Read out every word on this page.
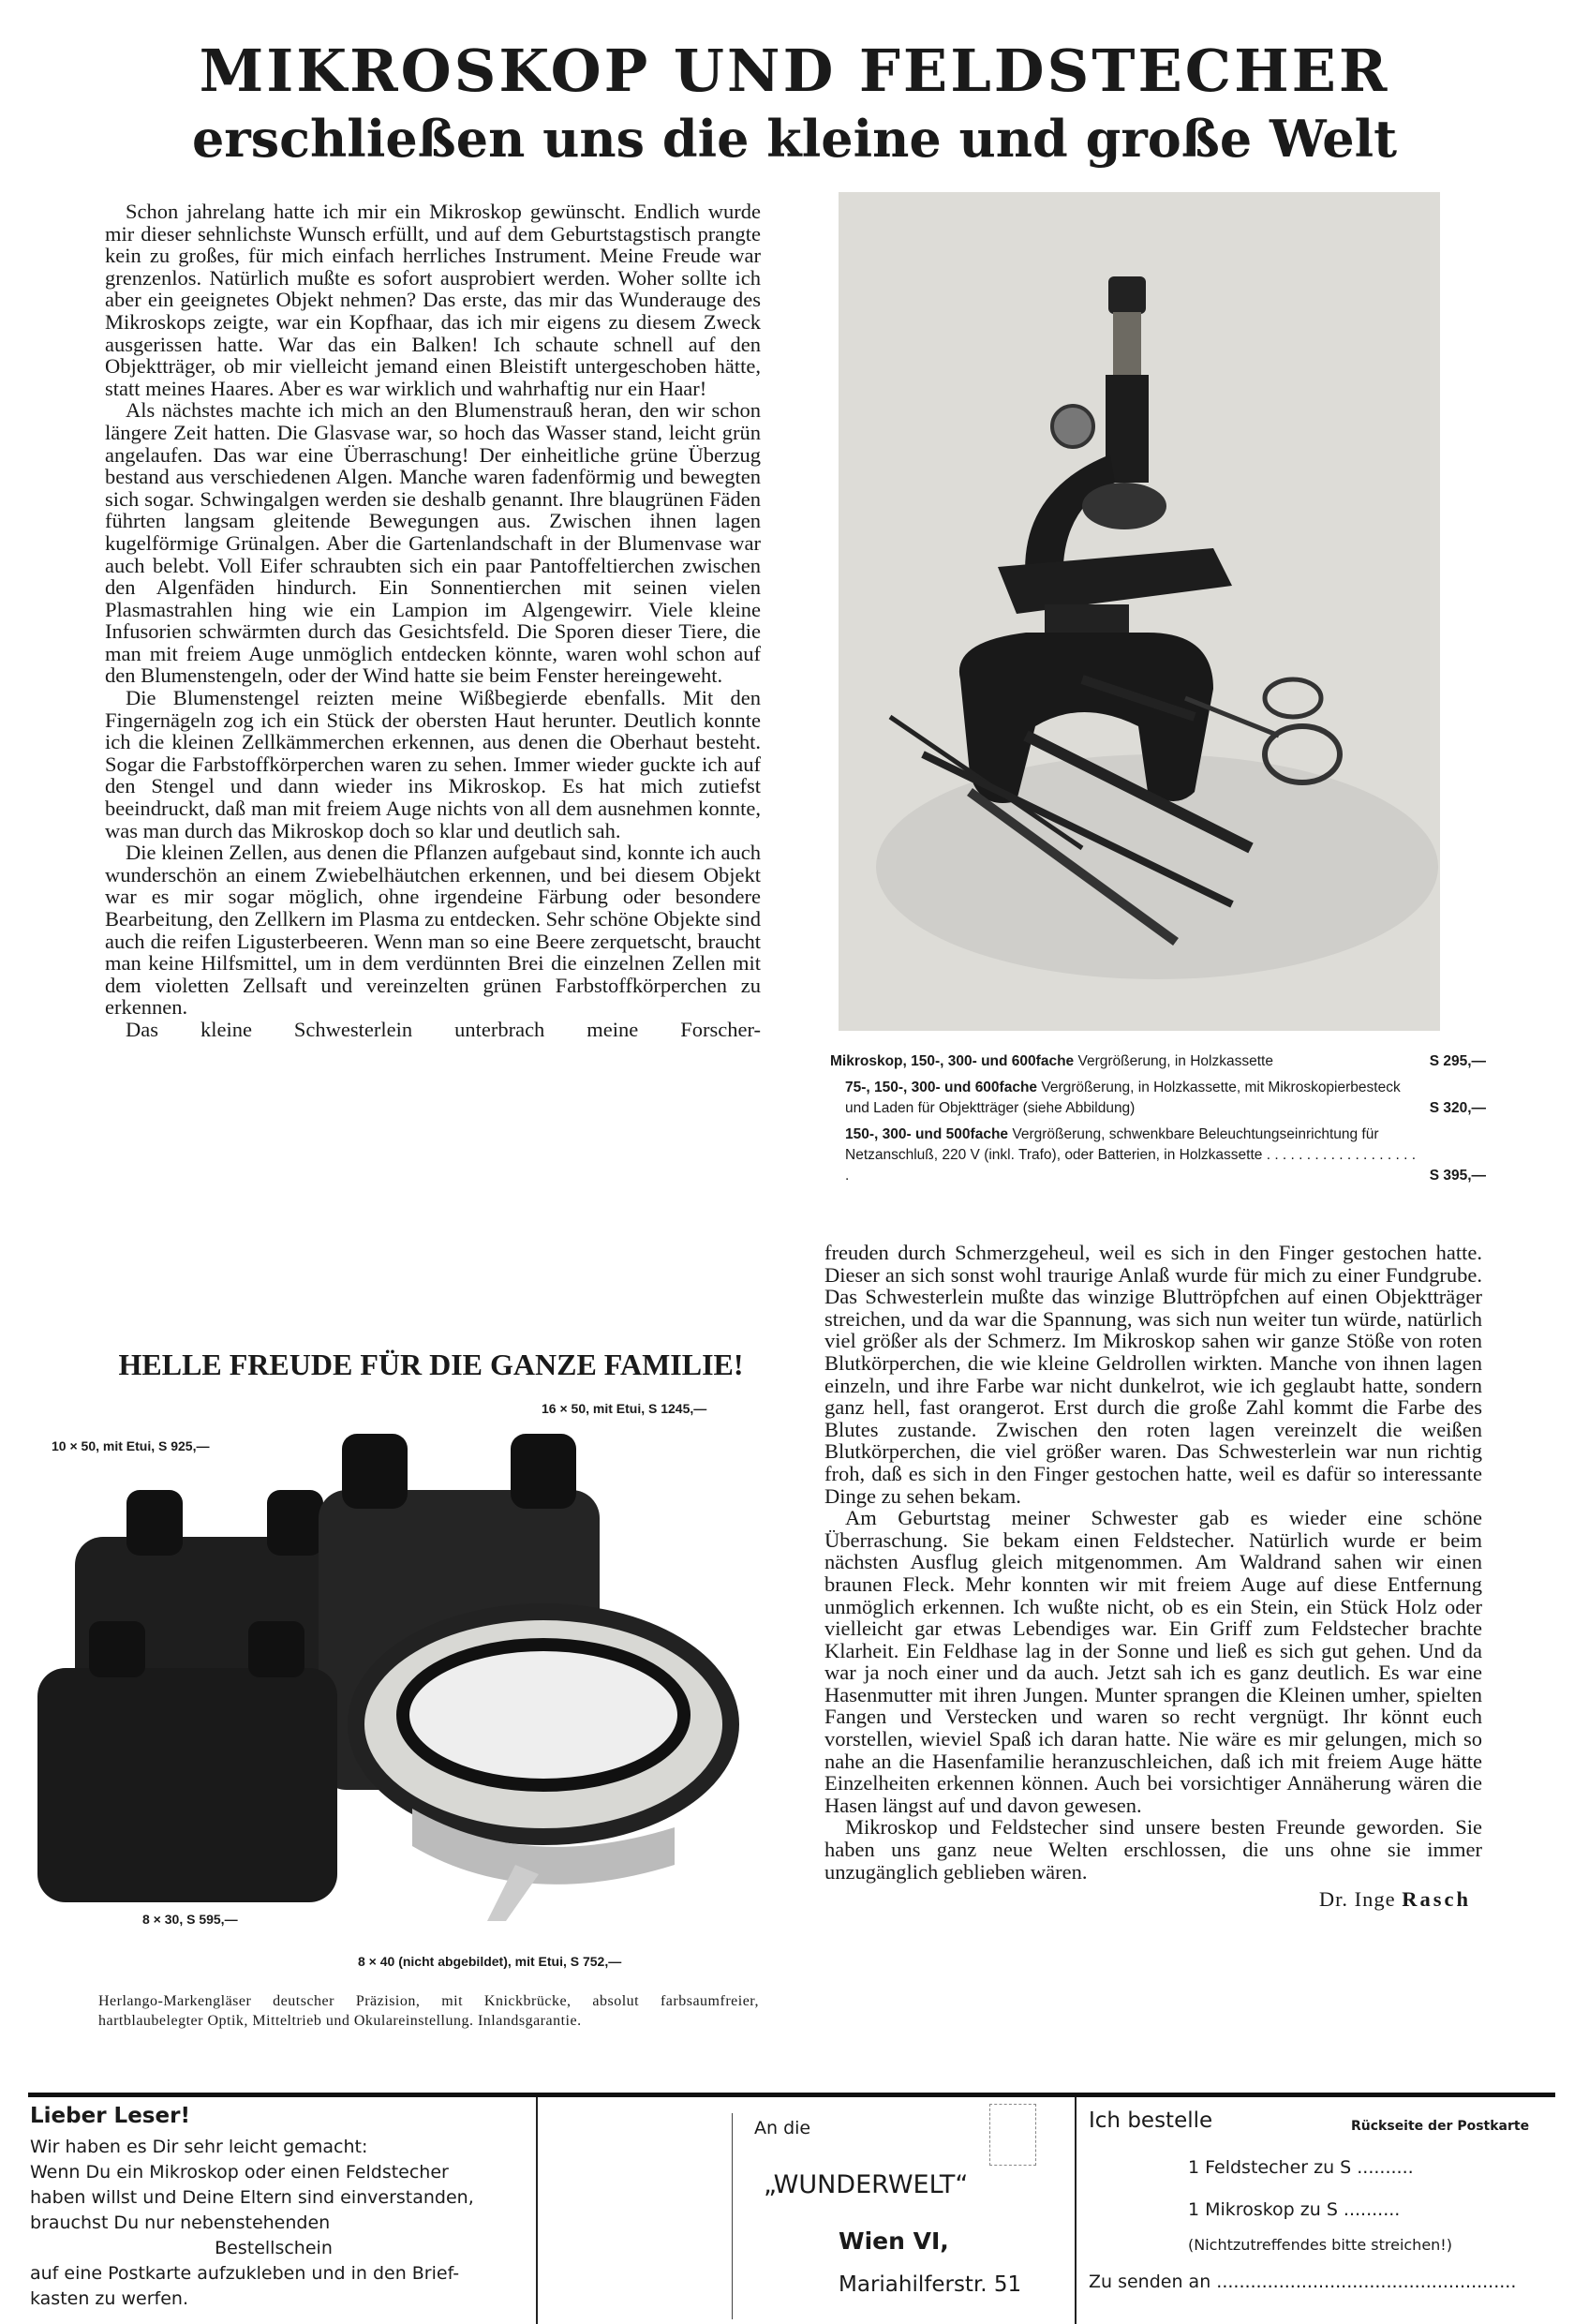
MIKROSKOP UND FELDSTECHER
erschließen uns die kleine und große Welt

Schon jahrelang hatte ich mir ein Mikroskop gewünscht. Endlich wurde mir dieser sehnlichste Wunsch erfüllt, und auf dem Geburtstagstisch prangte kein zu großes, für mich einfach herrliches Instrument. Meine Freude war grenzenlos. Natürlich mußte es sofort ausprobiert werden. Woher sollte ich aber ein geeignetes Objekt nehmen? Das erste, das mir das Wunderauge des Mikroskops zeigte, war ein Kopfhaar, das ich mir eigens zu diesem Zweck ausgerissen hatte. War das ein Balken! Ich schaute schnell auf den Objektträger, ob mir vielleicht jemand einen Bleistift untergeschoben hätte, statt meines Haares. Aber es war wirklich und wahrhaftig nur ein Haar!

Als nächstes machte ich mich an den Blumenstrauß heran, den wir schon längere Zeit hatten. Die Glasvase war, so hoch das Wasser stand, leicht grün angelaufen. Das war eine Überraschung! Der einheitliche grüne Überzug bestand aus verschiedenen Algen. Manche waren fadenförmig und bewegten sich sogar. Schwingalgen werden sie deshalb genannt. Ihre blaugrünen Fäden führten langsam gleitende Bewegungen aus. Zwischen ihnen lagen kugelförmige Grünalgen. Aber die Gartenlandschaft in der Blumenvase war auch belebt. Voll Eifer schraubten sich ein paar Pantoffeltierchen zwischen den Algenfäden hindurch. Ein Sonnentierchen mit seinen vielen Plasmastrahlen hing wie ein Lampion im Algengewirr. Viele kleine Infusorien schwärmten durch das Gesichtsfeld. Die Sporen dieser Tiere, die man mit freiem Auge unmöglich entdecken könnte, waren wohl schon auf den Blumenstengeln, oder der Wind hatte sie beim Fenster hereingeweht.

Die Blumenstengel reizten meine Wißbegierde ebenfalls. Mit den Fingernägeln zog ich ein Stück der obersten Haut herunter. Deutlich konnte ich die kleinen Zellkämmerchen erkennen, aus denen die Oberhaut besteht. Sogar die Farbstoffkörperchen waren zu sehen. Immer wieder guckte ich auf den Stengel und dann wieder ins Mikroskop. Es hat mich zutiefst beeindruckt, daß man mit freiem Auge nichts von all dem ausnehmen konnte, was man durch das Mikroskop doch so klar und deutlich sah.

Die kleinen Zellen, aus denen die Pflanzen aufgebaut sind, konnte ich auch wunderschön an einem Zwiebelhäutchen erkennen, und bei diesem Objekt war es mir sogar möglich, ohne irgendeine Färbung oder besondere Bearbeitung, den Zellkern im Plasma zu entdecken. Sehr schöne Objekte sind auch die reifen Ligusterbeeren. Wenn man so eine Beere zerquetscht, braucht man keine Hilfsmittel, um in dem verdünnten Brei die einzelnen Zellen mit dem violetten Zellsaft und vereinzelten grünen Farbstoffkörperchen zu erkennen.

Das kleine Schwesterlein unterbrach meine Forscher-

Mikroskop, 150-, 300- und 600fache Vergrößerung, in Holzkassette	S 295,—
75-, 150-, 300- und 600fache Vergrößerung, in Holzkassette, mit Mikroskopierbesteck und Laden für Objektträger (siehe Abbildung)	S 320,—
150-, 300- und 500fache Vergrößerung, schwenkbare Beleuchtungseinrichtung für Netzanschluß, 220 V (inkl. Trafo), oder Batterien, in Holzkassette . . . . . . . . . . . . . . . . . . . .	S 395,—

freuden durch Schmerzgeheul, weil es sich in den Finger gestochen hatte. Dieser an sich sonst wohl traurige Anlaß wurde für mich zu einer Fundgrube. Das Schwesterlein mußte das winzige Bluttröpfchen auf einen Objektträger streichen, und da war die Spannung, was sich nun weiter tun würde, natürlich viel größer als der Schmerz. Im Mikroskop sahen wir ganze Stöße von roten Blutkörperchen, die wie kleine Geldrollen wirkten. Manche von ihnen lagen einzeln, und ihre Farbe war nicht dunkelrot, wie ich geglaubt hatte, sondern ganz hell, fast orangerot. Erst durch die große Zahl kommt die Farbe des Blutes zustande. Zwischen den roten lagen vereinzelt die weißen Blutkörperchen, die viel größer waren. Das Schwesterlein war nun richtig froh, daß es sich in den Finger gestochen hatte, weil es dafür so interessante Dinge zu sehen bekam.

Am Geburtstag meiner Schwester gab es wieder eine schöne Überraschung. Sie bekam einen Feldstecher. Natürlich wurde er beim nächsten Ausflug gleich mitgenommen. Am Waldrand sahen wir einen braunen Fleck. Mehr konnten wir mit freiem Auge auf diese Entfernung unmöglich erkennen. Ich wußte nicht, ob es ein Stein, ein Stück Holz oder vielleicht gar etwas Lebendiges war. Ein Griff zum Feldstecher brachte Klarheit. Ein Feldhase lag in der Sonne und ließ es sich gut gehen. Und da war ja noch einer und da auch. Jetzt sah ich es ganz deutlich. Es war eine Hasenmutter mit ihren Jungen. Munter sprangen die Kleinen umher, spielten Fangen und Verstecken und waren so recht vergnügt. Ihr könnt euch vorstellen, wieviel Spaß ich daran hatte. Nie wäre es mir gelungen, mich so nahe an die Hasenfamilie heranzuschleichen, daß ich mit freiem Auge hätte Einzelheiten erkennen können. Auch bei vorsichtiger Annäherung wären die Hasen längst auf und davon gewesen.

Mikroskop und Feldstecher sind unsere besten Freunde geworden. Sie haben uns ganz neue Welten erschlossen, die uns ohne sie immer unzugänglich geblieben wären.

Dr. Inge Rasch
HELLE FREUDE FÜR DIE GANZE FAMILIE!
16 × 50, mit Etui, S 1245,—
10 × 50, mit Etui, S 925,—
8 × 30, S 595,—
8 × 40 (nicht abgebildet), mit Etui, S 752,—
Herlango-Markengläser deutscher Präzision, mit Knickbrücke, absolut farbsaumfreier, hartblaubelegter Optik, Mitteltrieb und Okulareinstellung. Inlandsgarantie.
Lieber Leser!
Wir haben es Dir sehr leicht gemacht:
Wenn Du ein Mikroskop oder einen Feldstecher
haben willst und Deine Eltern sind einverstanden,
brauchst Du nur nebenstehenden
Bestellschein
auf eine Postkarte aufzukleben und in den Brief-
kasten zu werfen.
An die
„WUNDERWELT“
Wien VI,
Mariahilferstr. 51
Ich bestelle	Rückseite der Postkarte
1 Feldstecher zu S ..........
1 Mikroskop zu S ..........
(Nichtzutreffendes bitte streichen!)
Zu senden an .....................................................
